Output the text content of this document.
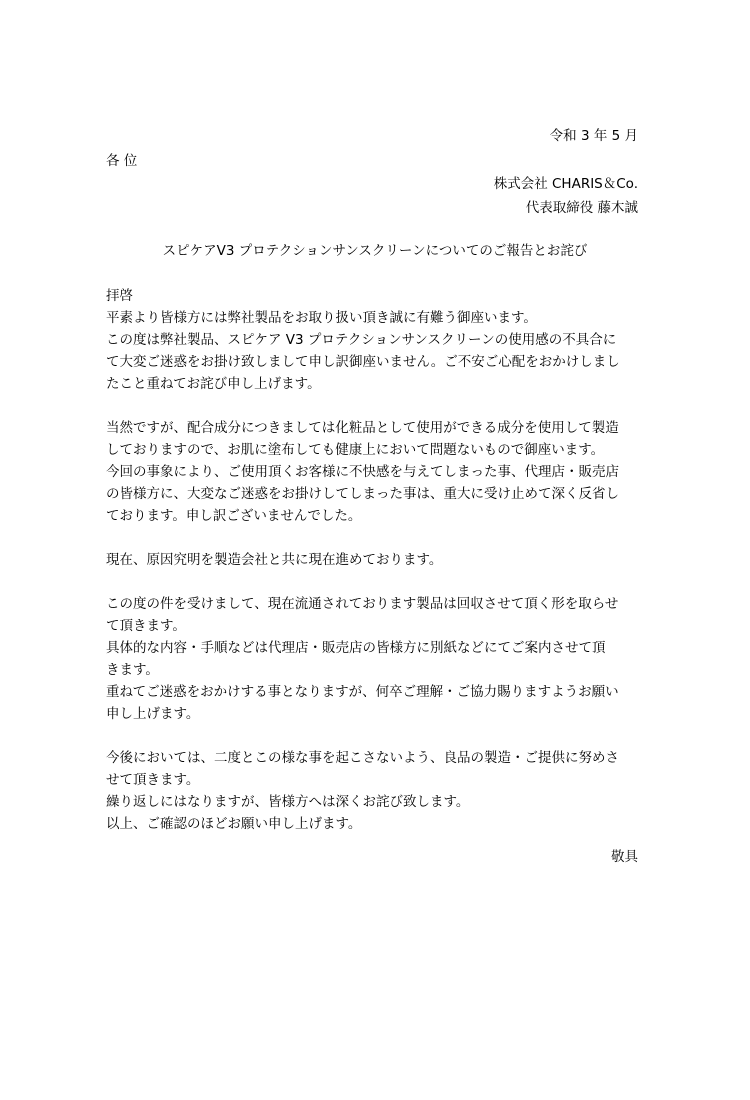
令和 3 年 5 月
各 位
株式会社 CHARIS＆Co.
代表取締役 藤木誠
スピケアV3 プロテクションサンスクリーンについてのご報告とお詫び
拝啓
平素より皆様方には弊社製品をお取り扱い頂き誠に有難う御座います。
この度は弊社製品、スピケア V3 プロテクションサンスクリーンの使用感の不具合に
て大変ご迷惑をお掛け致しまして申し訳御座いません。ご不安ご心配をおかけしまし
たこと重ねてお詫び申し上げます。
当然ですが、配合成分につきましては化粧品として使用ができる成分を使用して製造
しておりますので、お肌に塗布しても健康上において問題ないもので御座います。
今回の事象により、ご使用頂くお客様に不快感を与えてしまった事、代理店・販売店
の皆様方に、大変なご迷惑をお掛けしてしまった事は、重大に受け止めて深く反省し
ております。申し訳ございませんでした。
現在、原因究明を製造会社と共に現在進めております。
この度の件を受けまして、現在流通されております製品は回収させて頂く形を取らせ
て頂きます。
具体的な内容・手順などは代理店・販売店の皆様方に別紙などにてご案内させて頂
きます。
重ねてご迷惑をおかけする事となりますが、何卒ご理解・ご協力賜りますようお願い
申し上げます。
今後においては、二度とこの様な事を起こさないよう、良品の製造・ご提供に努めさ
せて頂きます。
繰り返しにはなりますが、皆様方へは深くお詫び致します。
以上、ご確認のほどお願い申し上げます。
敬具
